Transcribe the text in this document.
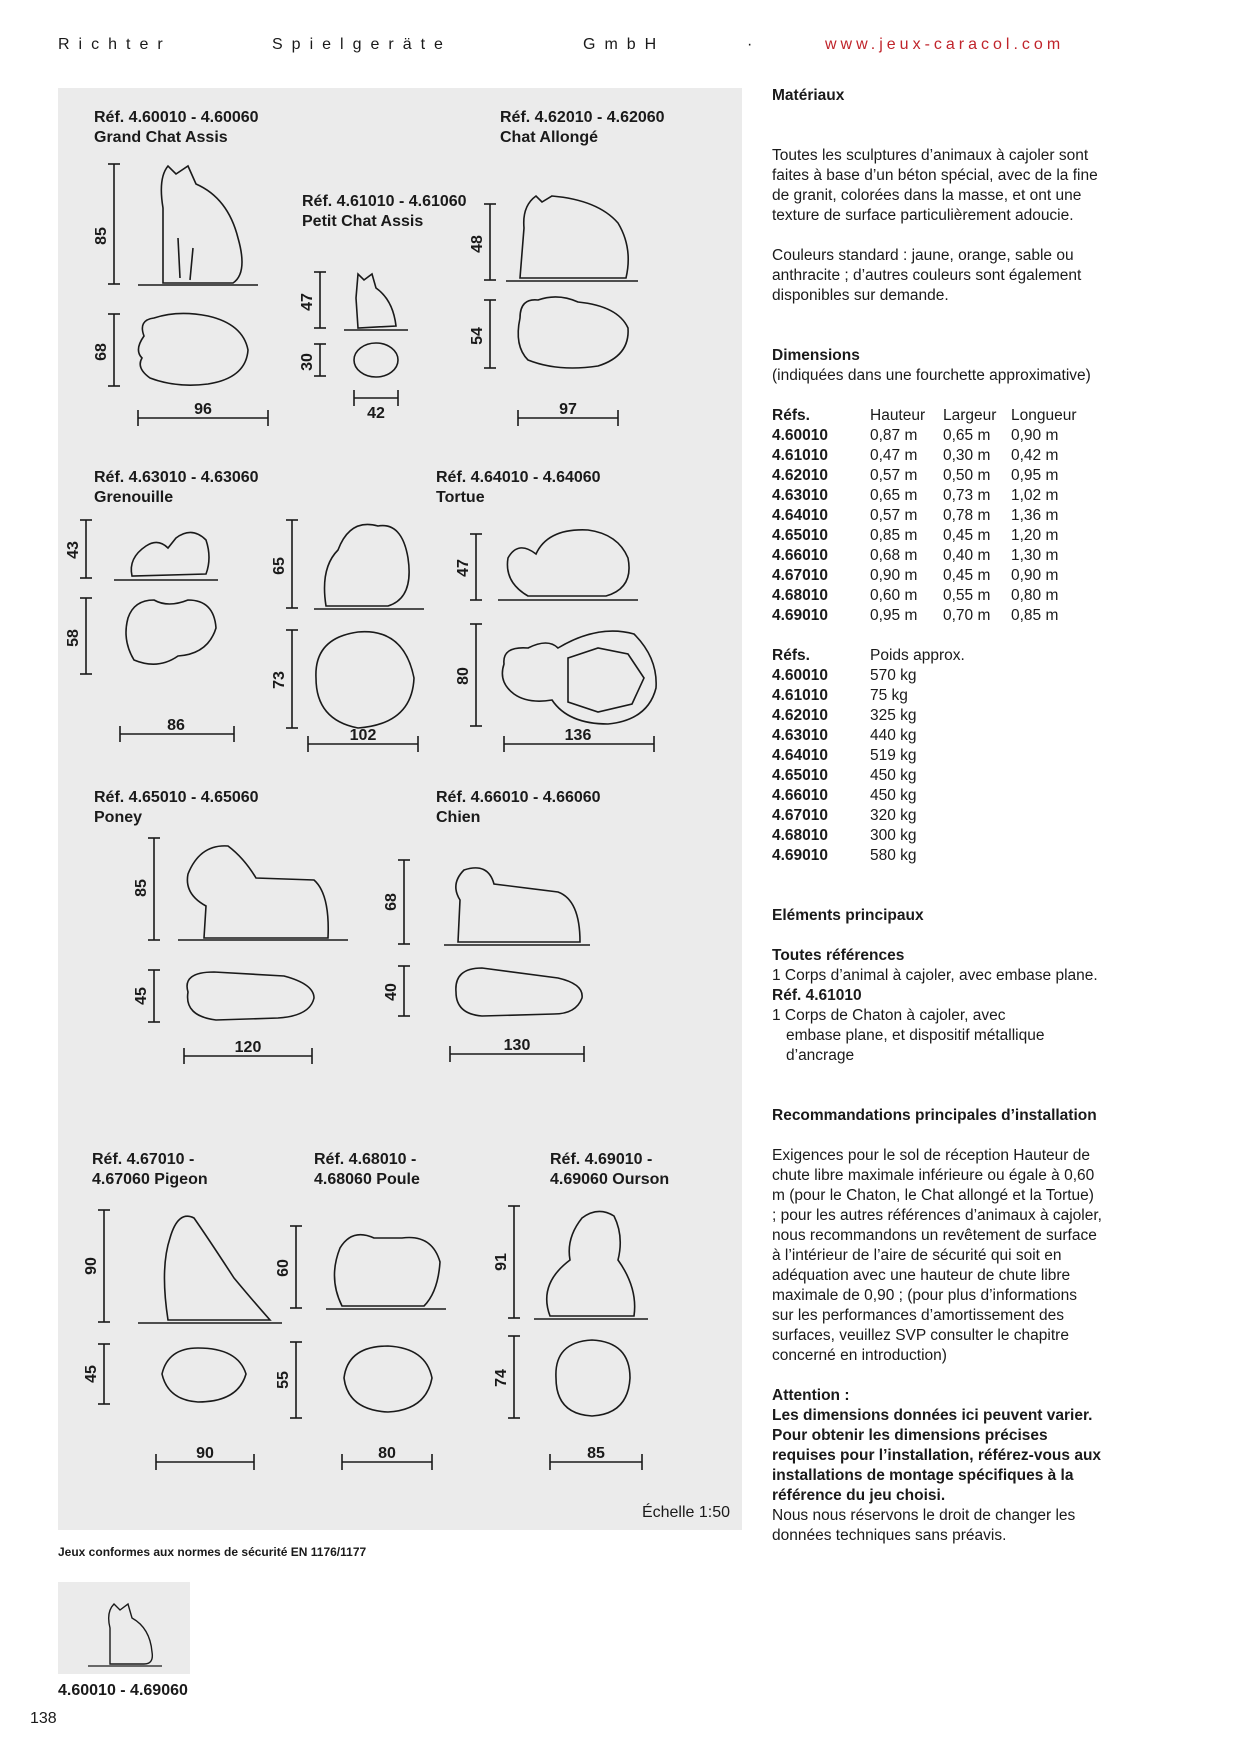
Richter	Spielgeräte	GmbH	·	www.jeux-caracol.com
Réf. 4.60010 - 4.60060
Grand Chat Assis
Réf. 4.62010 - 4.62060
Chat Allongé
Réf. 4.61010 - 4.61060
Petit Chat Assis
Réf. 4.63010 - 4.63060
Grenouille
Réf. 4.64010 - 4.64060
Tortue
Réf. 4.65010 - 4.65060
Poney
Réf. 4.66010 - 4.66060
Chien
Réf. 4.67010 -
4.67060 Pigeon
Réf. 4.68010 -
4.68060 Poule
Réf. 4.69010 -
4.69060 Ourson
85
68
96
47
30
42
48
54
97
43
58
86
65
73
102
47
80
136
85
45
120
68
40
130
90
45
90
60
55
80
91
74
85
Échelle 1:50
Jeux conformes aux normes de sécurité EN 1176/1177
4.60010 - 4.69060
138

Matériaux

Toutes les sculptures d’animaux à cajoler sont faites à base d’un béton spécial, avec de la fine de granit, colorées dans la masse, et ont une texture de surface particulièrement adoucie.

Couleurs standard : jaune, orange, sable ou anthracite ; d’autres couleurs sont également disponibles sur demande.

Dimensions

(indiquées dans une fourchette approximative)

Réfs.	Hauteur	Largeur Longueur
4.60010	0,87 m	0,65 m	0,90 m
4.61010	0,47 m	0,30 m	0,42 m
4.62010	0,57 m	0,50 m	0,95 m
4.63010	0,65 m	0,73 m	1,02 m
4.64010	0,57 m	0,78 m	1,36 m
4.65010	0,85 m	0,45 m	1,20 m
4.66010	0,68 m	0,40 m	1,30 m
4.67010	0,90 m	0,45 m	0,90 m
4.68010	0,60 m	0,55 m	0,80 m
4.69010	0,95 m	0,70 m	0,85 m
Réfs.	Poids approx.
4.60010	570 kg
4.61010	75 kg
4.62010	325 kg
4.63010	440 kg
4.64010	519 kg
4.65010	450 kg
4.66010	450 kg
4.67010	320 kg
4.68010	300 kg
4.69010	580 kg

Eléments principaux

Toutes références

1 Corps d’animal à cajoler, avec embase plane.

Réf. 4.61010

1 Corps de Chaton à cajoler, avec

embase plane, et dispositif métallique d’ancrage

Recommandations principales d’installation

Exigences pour le sol de réception Hauteur de chute libre maximale inférieure ou égale à 0,60 m (pour le Chaton, le Chat allongé et la Tortue) ; pour les autres références d’animaux à cajoler, nous recommandons un revêtement de surface à l’intérieur de l’aire de sécurité qui soit en adéquation avec une hauteur de chute libre maximale de 0,90 ; (pour plus d’informations sur les performances d’amortissement des surfaces, veuillez SVP consulter le chapitre concerné en introduction)

Attention :

Les dimensions données ici peuvent varier. Pour obtenir les dimensions précises requises pour l’installation, référez-vous aux installations de montage spécifiques à la référence du jeu choisi.

Nous nous réservons le droit de changer les données techniques sans préavis.
